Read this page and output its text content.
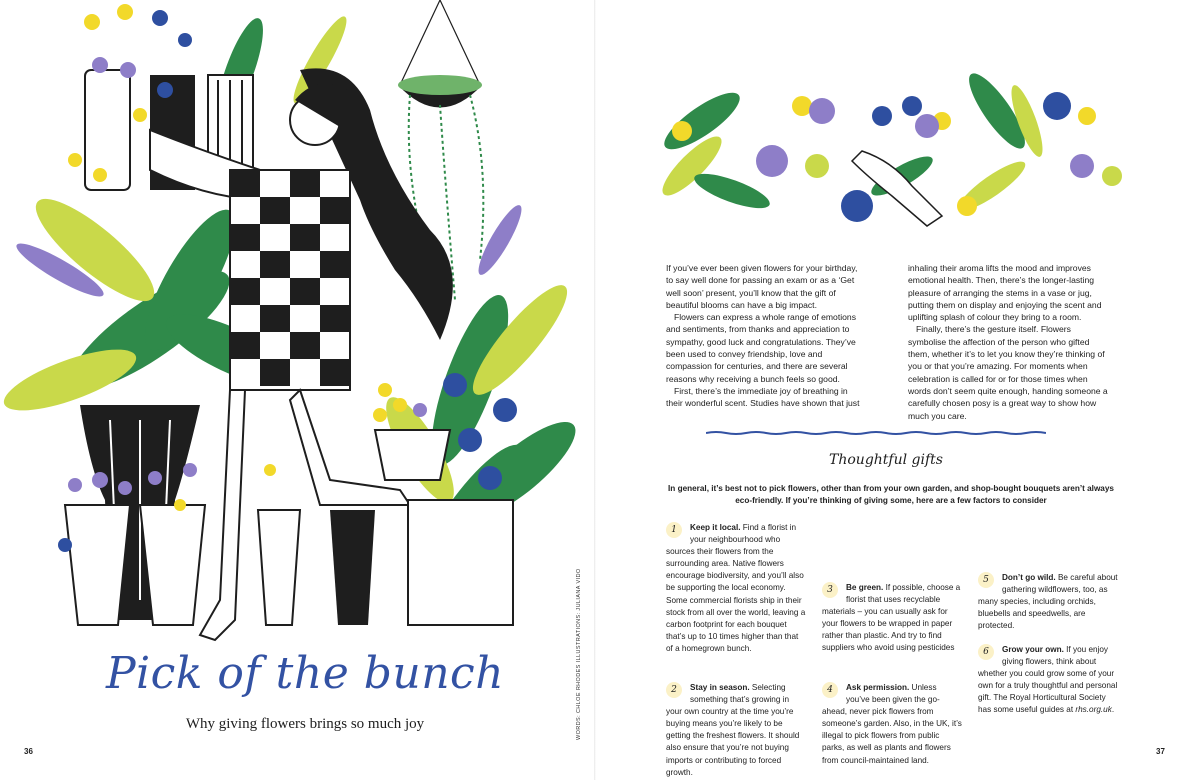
Pick of the bunch
Why giving flowers brings so much joy	WORDS: CHLOE RHODES ILLUSTRATIONS: JULIANA VIDO
36

If you’ve ever been given flowers for your birthday, to say well done for passing an exam or as a ‘Get well soon’ present, you’ll know that the gift of beautiful blooms can have a big impact.

Flowers can express a whole range of emotions and sentiments, from thanks and appreciation to sympathy, good luck and congratulations. They’ve been used to convey friendship, love and compassion for centuries, and there are several reasons why receiving a bunch feels so good.

First, there’s the immediate joy of breathing in their wonderful scent. Studies have shown that just

inhaling their aroma lifts the mood and improves emotional health. Then, there’s the longer-lasting pleasure of arranging the stems in a vase or jug, putting them on display and enjoying the scent and uplifting splash of colour they bring to a room.

Finally, there’s the gesture itself. Flowers symbolise the affection of the person who gifted them, whether it’s to let you know they’re thinking of you or that you’re amazing. For moments when celebration is called for or for those times when words don’t seem quite enough, handing someone a carefully chosen posy is a great way to show how much you care.

Thoughtful gifts
In general, it’s best not to pick flowers, other than from your own garden, and shop-bought bouquets aren’t always eco-friendly. If you’re thinking of giving some, here are a few factors to consider
1	Keep it local. Find a florist in your neighbourhood who sources their flowers from the surrounding area. Native flowers encourage biodiversity, and you’ll also be supporting the local economy. Some commercial florists ship in their stock from all over the world, leaving a carbon footprint for each bouquet that’s up to 10 times higher than that of a homegrown bunch.
2	Stay in season. Selecting something that’s growing in your own country at the time you’re buying means you’re likely to be getting the freshest flowers. It should also ensure that you’re not buying imports or contributing to forced growth.
3	Be green. If possible, choose a florist that uses recyclable materials – you can usually ask for your flowers to be wrapped in paper rather than plastic. And try to find suppliers who avoid using pesticides
4	Ask permission. Unless you’ve been given the go-ahead, never pick flowers from someone’s garden. Also, in the UK, it’s illegal to pick flowers from public parks, as well as plants and flowers from council-maintained land.
5	Don’t go wild. Be careful about gathering wildflowers, too, as many species, including orchids, bluebells and speedwells, are protected.
6	Grow your own. If you enjoy giving flowers, think about whether you could grow some of your own for a truly thoughtful and personal gift. The Royal Horticultural Society has some useful guides at rhs.org.uk.
37
